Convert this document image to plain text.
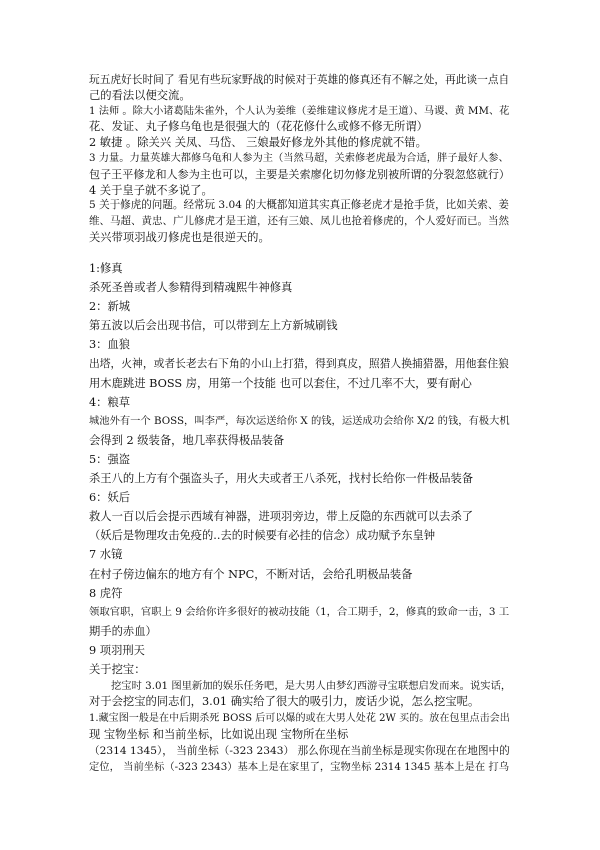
玩五虎好长时间了 看见有些玩家野战的时候对于英雄的修真还有不解之处，再此谈一点自
己的看法以便交流。
1 法师 。除大小诸葛陆朱雀外，个人认为姜维（姜维建议修虎才是王道）、马谡、黄 MM、花
花、发证、丸子修乌龟也是很强大的（花花修什么或修不修无所谓）
2 敏捷 。除关兴 关凤、马岱、 三娘最好修龙外其他的修虎就不错。
3 力量。力量英雄大都修乌龟和人参为主（当然马超，关索修老虎最为合适，胖子最好人参、
包子王平修龙和人参为主也可以，主要是关索廖化切勿修龙别被所谓的分裂忽悠就行）
4 关于皇子就不多说了。
5 关于修虎的问题。经常玩 3.04 的大概都知道其实真正修老虎才是抢手货，比如关索、姜
维、马超、黄忠、广儿修虎才是王道，还有三娘、凤儿也抢着修虎的，个人爱好而已。当然
关兴带项羽战刃修虎也是很逆天的。
1:修真
杀死圣兽或者人参精得到精魂熙牛神修真
2：新城
第五波以后会出现书信，可以带到左上方新城刷钱
3：血狼
出塔，火神，或者长老去右下角的小山上打猎，得到真皮，照猎人换捕猎器，用他套住狼
用木鹿跳进 BOSS 房，用第一个技能 也可以套住，不过几率不大，要有耐心
4：粮草
城池外有一个 BOSS，叫李严，每次运送给你 X 的钱，运送成功会给你 X/2 的钱，有极大机
会得到 2 级装备，地几率获得极品装备
5：强盗
杀王八的上方有个强盗头子，用火夫或者王八杀死，找村长给你一件极品装备
6：妖后
救人一百以后会提示西域有神器，进项羽旁边，带上反隐的东西就可以去杀了
（妖后是物理攻击免疫的..去的时候要有必挂的信念）成功赋予东皇钟
7 水镜
在村子傍边偏东的地方有个 NPC，不断对话，会给孔明极品装备
8 虎符
领取官职，官职上 9 会给你许多很好的被动技能（1，合工期手，2，修真的致命一击，3 工
期手的赤血）
9 项羽刑天
关于挖宝：
挖宝时 3.01 图里新加的娱乐任务吧，是大男人由梦幻西游寻宝联想启发而来。说实话，
对于会挖宝的同志们，3.01 确实给了很大的吸引力，废话少说，怎么挖宝呢。
1.藏宝图一般是在中后期杀死 BOSS 后可以爆的或在大男人处花 2W 买的。放在包里点击会出
现 宝物坐标 和当前坐标，比如说出现 宝物所在坐标
（2314 1345）， 当前坐标（-323 2343） 那么你现在当前坐标是现实你现在在地图中的
定位， 当前坐标（-323 2343）基本上是在家里了，宝物坐标 2314 1345 基本上是在 打乌
